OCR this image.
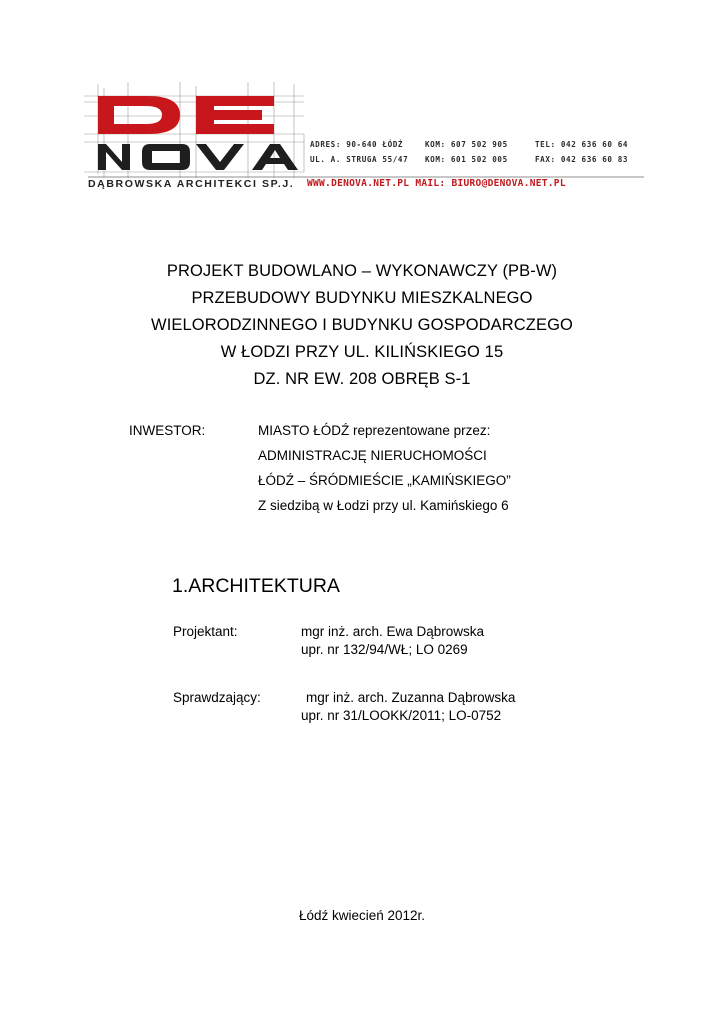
ADRES: 90-640 ŁÓDŹ	KOM: 607 502 905	TEL: 042 636 60 64
UL. A. STRUGA 55/47 KOM: 601 502 005	FAX: 042 636 60 83
DĄBROWSKA ARCHITEKCI SP.J. WWW.DENOVA.NET.PL MAIL: BIURO@DENOVA.NET.PL
PROJEKT BUDOWLANO – WYKONAWCZY (PB-W)
PRZEBUDOWY BUDYNKU MIESZKALNEGO
WIELORODZINNEGO I BUDYNKU GOSPODARCZEGO
W ŁODZI PRZY UL. KILIŃSKIEGO 15
DZ. NR EW. 208 OBRĘB S-1
INWESTOR:	MIASTO ŁÓDŹ reprezentowane przez:
ADMINISTRACJĘ NIERUCHOMOŚCI
ŁÓDŹ – ŚRÓDMIEŚCIE „KAMIŃSKIEGO”
Z siedzibą w Łodzi przy ul. Kamińskiego 6
1.ARCHITEKTURA
Projektant:	mgr inż. arch. Ewa Dąbrowska
upr. nr 132/94/WŁ; LO 0269
Sprawdzający:	mgr inż. arch. Zuzanna Dąbrowska
upr. nr 31/LOOKK/2011; LO-0752
Łódź kwiecień 2012r.
